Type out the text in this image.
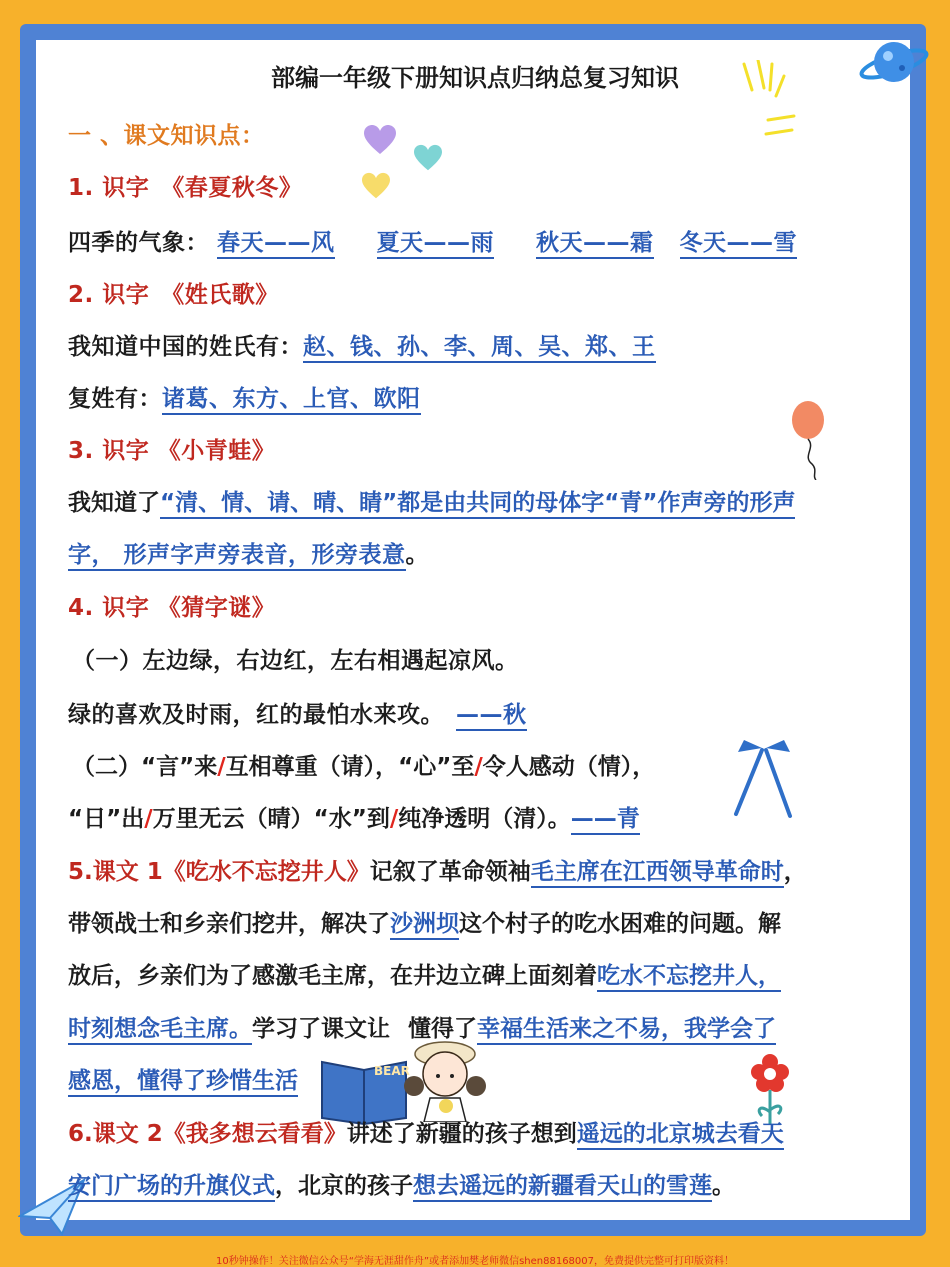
BEAR
部编一年级下册知识点归纳总复习知识
一 、课文知识点：
1. 识字　《春夏秋冬》
四季的气象： 春天——风 夏天——雨 秋天——霜 冬天——雪
2. 识字　《姓氏歌》
我知道中国的姓氏有：赵、钱、孙、李、周、吴、郑、王
复姓有：诸葛、东方、上官、欧阳
3. 识字 《小青蛙》
我知道了“清、情、请、晴、睛”都是由共同的母体字“青”作声旁的形声
字， 形声字声旁表音，形旁表意。
4. 识字 《猜字谜》
（一）左边绿，右边红，左右相遇起凉风。
绿的喜欢及时雨，红的最怕水来攻。 ——秋
（二）“言”来/互相尊重（请），“心”至/令人感动（情），
“日”出/万里无云（晴）“水”到/纯净透明（清）。——青
5.课文 1《吃水不忘挖井人》记叙了革命领袖毛主席在江西领导革命时，
带领战士和乡亲们挖井，解决了沙洲坝这个村子的吃水困难的问题。解
放后，乡亲们为了感激毛主席，在井边立碑上面刻着吃水不忘挖井人，
时刻想念毛主席。学习了课文让 懂得了幸福生活来之不易，我学会了
感恩，懂得了珍惜生活
6.课文 2《我多想云看看》讲述了新疆的孩子想到遥远的北京城去看天
安门广场的升旗仪式，北京的孩子想去遥远的新疆看天山的雪莲。
10秒钟操作！关注微信公众号“学海无涯甜作舟”或者添加樊老师微信shen88168007，免费提供完整可打印版资料！
